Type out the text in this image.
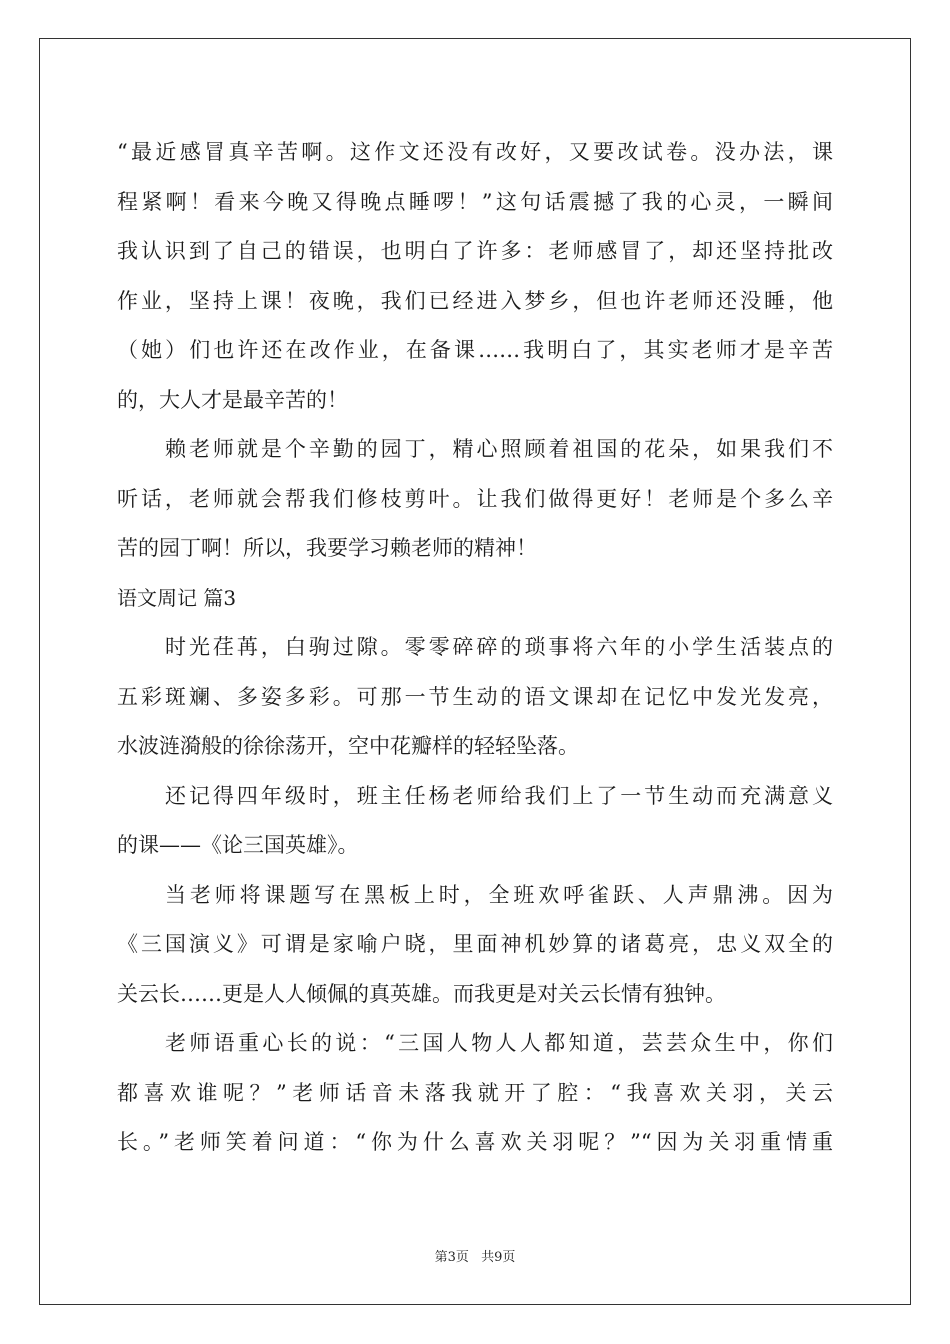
“最近感冒真辛苦啊。这作文还没有改好，又要改试卷。没办法，课
程紧啊！看来今晚又得晚点睡啰！”这句话震撼了我的心灵，一瞬间
我认识到了自己的错误，也明白了许多：老师感冒了，却还坚持批改
作业，坚持上课！夜晚，我们已经进入梦乡，但也许老师还没睡，他
（她）们也许还在改作业，在备课……我明白了，其实老师才是辛苦
的，大人才是最辛苦的！
赖老师就是个辛勤的园丁，精心照顾着祖国的花朵，如果我们不
听话，老师就会帮我们修枝剪叶。让我们做得更好！老师是个多么辛
苦的园丁啊！所以，我要学习赖老师的精神！
语文周记 篇3
时光荏苒，白驹过隙。零零碎碎的琐事将六年的小学生活装点的
五彩斑斓、多姿多彩。可那一节生动的语文课却在记忆中发光发亮，
水波涟漪般的徐徐荡开，空中花瓣样的轻轻坠落。
还记得四年级时，班主任杨老师给我们上了一节生动而充满意义
的课——《论三国英雄》。
当老师将课题写在黑板上时，全班欢呼雀跃、人声鼎沸。因为
《三国演义》可谓是家喻户晓，里面神机妙算的诸葛亮，忠义双全的
关云长……更是人人倾佩的真英雄。而我更是对关云长情有独钟。
老师语重心长的说：“三国人物人人都知道，芸芸众生中，你们
都喜欢谁呢？”老师话音未落我就开了腔：“我喜欢关羽，关云
长。”老师笑着问道：“你为什么喜欢关羽呢？”“因为关羽重情重
第3页 共9页
